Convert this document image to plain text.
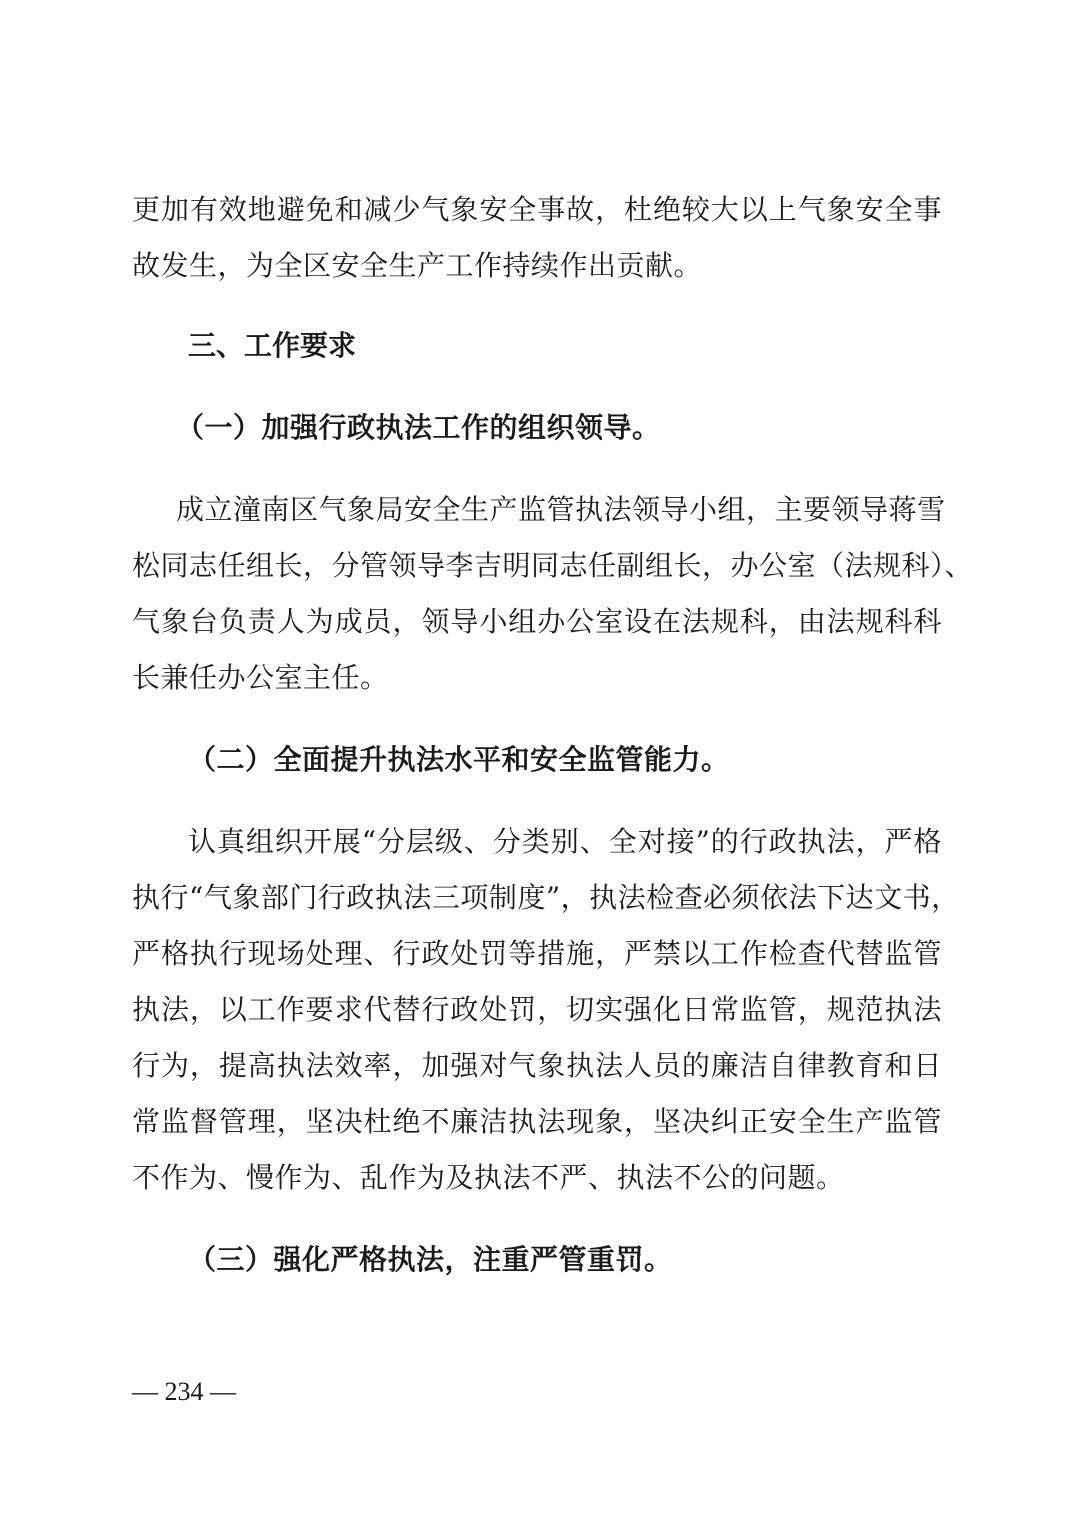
更加有效地避免和减少气象安全事故，杜绝较大以上气象安全事
故发生，为全区安全生产工作持续作出贡献。
三、工作要求
（一）加强行政执法工作的组织领导。
成立潼南区气象局安全生产监管执法领导小组，主要领导蒋雪
松同志任组长，分管领导李吉明同志任副组长，办公室（法规科）、
气象台负责人为成员，领导小组办公室设在法规科，由法规科科
长兼任办公室主任。
（二）全面提升执法水平和安全监管能力。
认真组织开展“分层级、分类别、全对接”的行政执法，严格
执行“气象部门行政执法三项制度”，执法检查必须依法下达文书，
严格执行现场处理、行政处罚等措施，严禁以工作检查代替监管
执法，以工作要求代替行政处罚，切实强化日常监管，规范执法
行为，提高执法效率，加强对气象执法人员的廉洁自律教育和日
常监督管理，坚决杜绝不廉洁执法现象，坚决纠正安全生产监管
不作为、慢作为、乱作为及执法不严、执法不公的问题。
（三）强化严格执法，注重严管重罚。
— 234 —
